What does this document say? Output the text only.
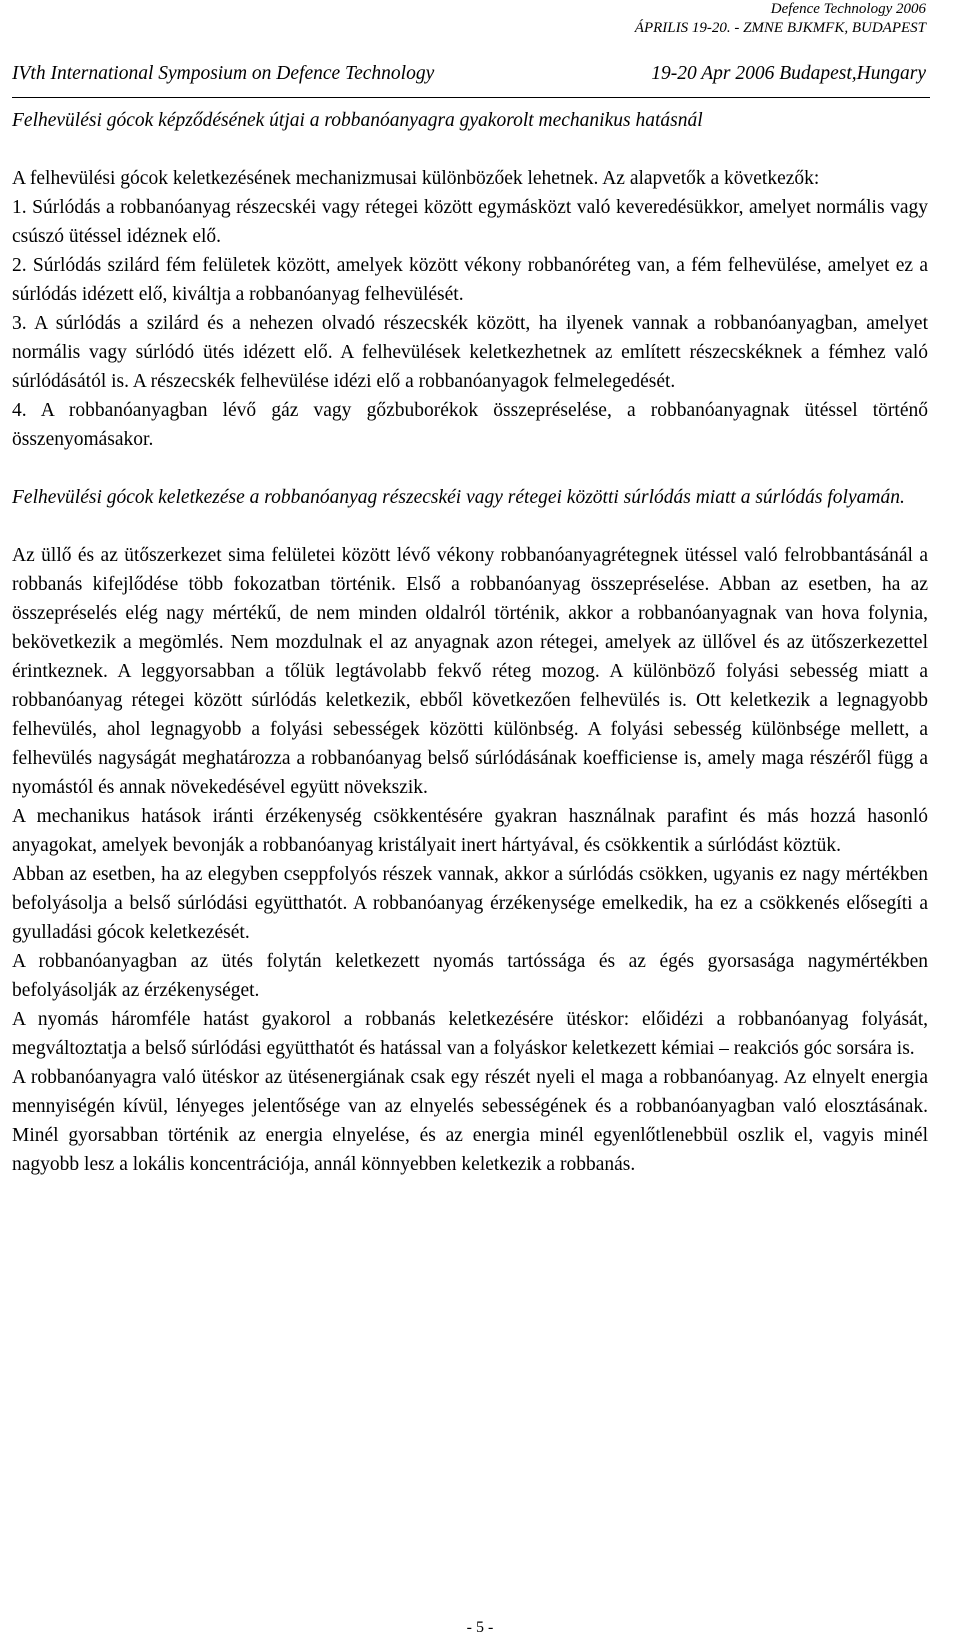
Defence Technology 2006
ÁPRILIS 19-20. - ZMNE BJKMFK, BUDAPEST
IVth International Symposium on Defence Technology	19-20 Apr 2006 Budapest,Hungary

Felhevülési gócok képződésének útjai a robbanóanyagra gyakorolt mechanikus hatásnál

A felhevülési gócok keletkezésének mechanizmusai különbözőek lehetnek. Az alapvetők a következők:

1. Súrlódás a robbanóanyag részecskéi vagy rétegei között egymásközt való keveredésükkor, amelyet normális vagy csúszó ütéssel idéznek elő.

2. Súrlódás szilárd fém felületek között, amelyek között vékony robbanóréteg van, a fém felhevülése, amelyet ez a súrlódás idézett elő, kiváltja a robbanóanyag felhevülését.

3. A súrlódás a szilárd és a nehezen olvadó részecskék között, ha ilyenek vannak a robbanóanyagban, amelyet normális vagy súrlódó ütés idézett elő. A felhevülések keletkezhetnek az említett részecskéknek a fémhez való súrlódásától is. A részecskék felhevülése idézi elő a robbanóanyagok felmelegedését.

4. A robbanóanyagban lévő gáz vagy gőzbuborékok összepréselése, a robbanóanyagnak ütéssel történő összenyomásakor.

Felhevülési gócok keletkezése a robbanóanyag részecskéi vagy rétegei közötti súrlódás miatt a súrlódás folyamán.

Az üllő és az ütőszerkezet sima felületei között lévő vékony robbanóanyagrétegnek ütéssel való felrobbantásánál a robbanás kifejlődése több fokozatban történik. Első a robbanóanyag összepréselése. Abban az esetben, ha az összepréselés elég nagy mértékű, de nem minden oldalról történik, akkor a robbanóanyagnak van hova folynia, bekövetkezik a megömlés. Nem mozdulnak el az anyagnak azon rétegei, amelyek az üllővel és az ütőszerkezettel érintkeznek. A leggyorsabban a tőlük legtávolabb fekvő réteg mozog. A különböző folyási sebesség miatt a robbanóanyag rétegei között súrlódás keletkezik, ebből következően felhevülés is. Ott keletkezik a legnagyobb felhevülés, ahol legnagyobb a folyási sebességek közötti különbség. A folyási sebesség különbsége mellett, a felhevülés nagyságát meghatározza a robbanóanyag belső súrlódásának koefficiense is, amely maga részéről függ a nyomástól és annak növekedésével együtt növekszik.

A mechanikus hatások iránti érzékenység csökkentésére gyakran használnak parafint és más hozzá hasonló anyagokat, amelyek bevonják a robbanóanyag kristályait inert hártyával, és csökkentik a súrlódást köztük.

Abban az esetben, ha az elegyben cseppfolyós részek vannak, akkor a súrlódás csökken, ugyanis ez nagy mértékben befolyásolja a belső súrlódási együtthatót. A robbanóanyag érzékenysége emelkedik, ha ez a csökkenés elősegíti a gyulladási gócok keletkezését.

A robbanóanyagban az ütés folytán keletkezett nyomás tartóssága és az égés gyorsasága nagymértékben befolyásolják az érzékenységet.

A nyomás háromféle hatást gyakorol a robbanás keletkezésére ütéskor: előidézi a robbanóanyag folyását, megváltoztatja a belső súrlódási együtthatót és hatással van a folyáskor keletkezett kémiai – reakciós góc sorsára is.

A robbanóanyagra való ütéskor az ütésenergiának csak egy részét nyeli el maga a robbanóanyag. Az elnyelt energia mennyiségén kívül, lényeges jelentősége van az elnyelés sebességének és a robbanóanyagban való elosztásának. Minél gyorsabban történik az energia elnyelése, és az energia minél egyenlőtlenebbül oszlik el, vagyis minél nagyobb lesz a lokális koncentrációja, annál könnyebben keletkezik a robbanás.

- 5 -
